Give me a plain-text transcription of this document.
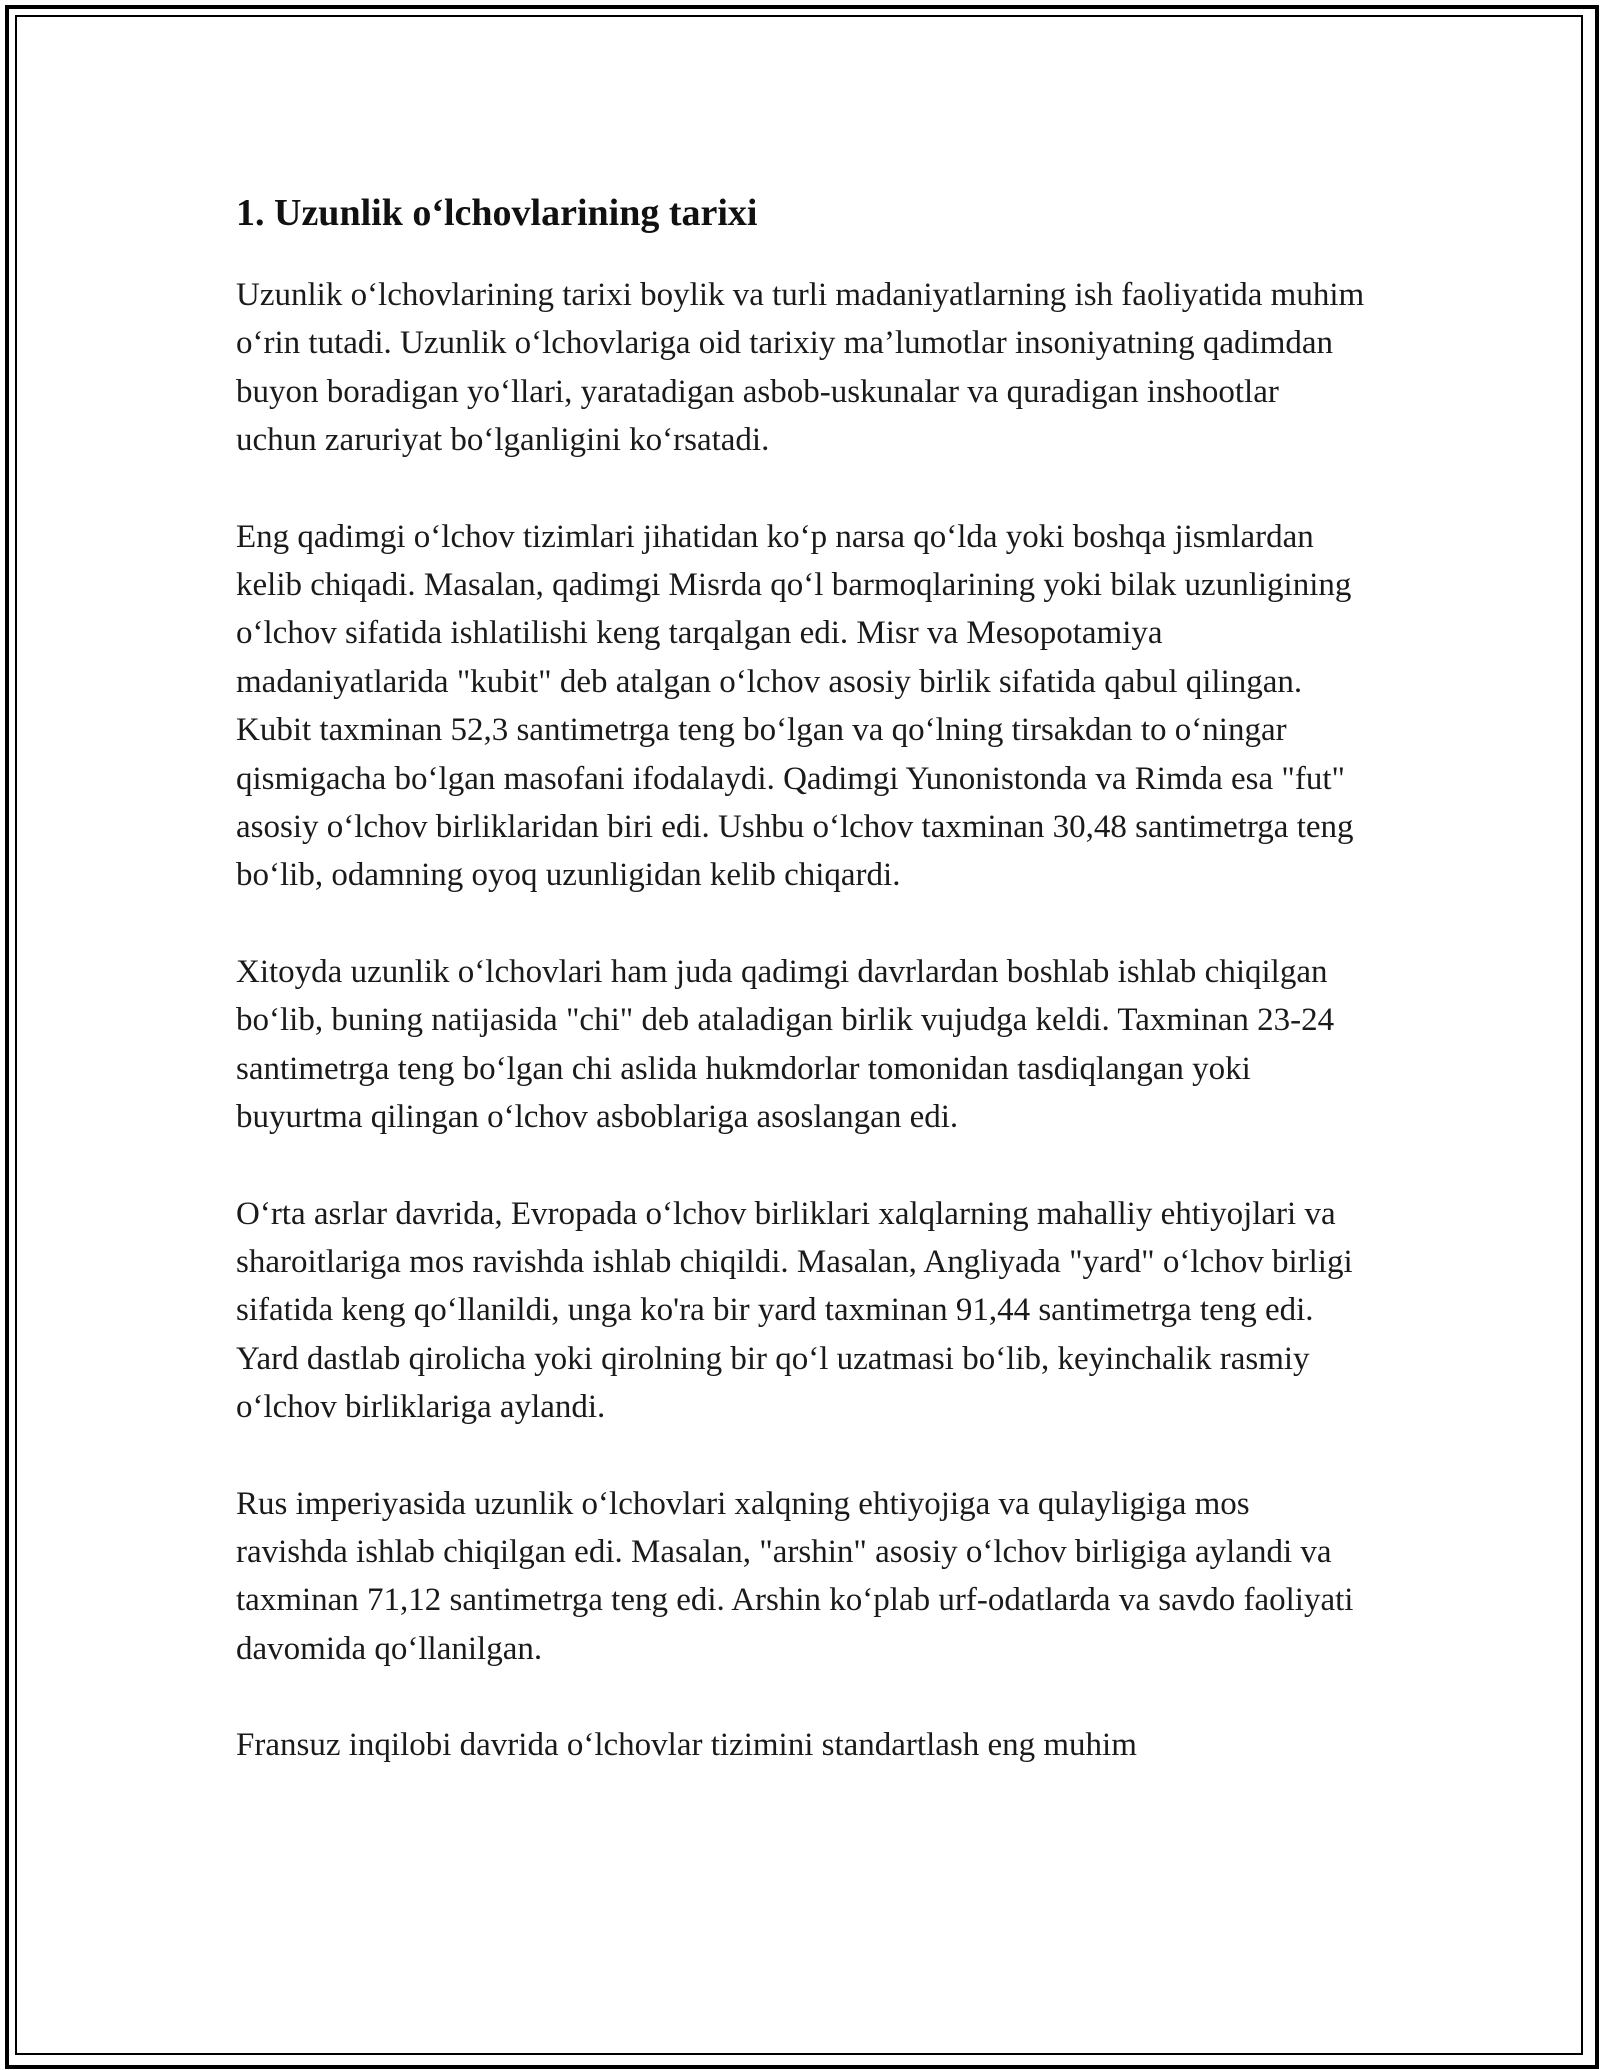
1. Uzunlik o‘lchovlarining tarixi

Uzunlik o‘lchovlarining tarixi boylik va turli madaniyatlarning ish faoliyatida muhim o‘rin tutadi. Uzunlik o‘lchovlariga oid tarixiy ma’lumotlar insoniyatning qadimdan buyon boradigan yo‘llari, yaratadigan asbob-uskunalar va quradigan inshootlar uchun zaruriyat bo‘lganligini ko‘rsatadi.

Eng qadimgi o‘lchov tizimlari jihatidan ko‘p narsa qo‘lda yoki boshqa jismlardan kelib chiqadi. Masalan, qadimgi Misrda qo‘l barmoqlarining yoki bilak uzunligining o‘lchov sifatida ishlatilishi keng tarqalgan edi. Misr va Mesopotamiya madaniyatlarida "kubit" deb atalgan o‘lchov asosiy birlik sifatida qabul qilingan. Kubit taxminan 52,3 santimetrga teng bo‘lgan va qo‘lning tirsakdan to o‘ningar qismigacha bo‘lgan masofani ifodalaydi. Qadimgi Yunonistonda va Rimda esa "fut" asosiy o‘lchov birliklaridan biri edi. Ushbu o‘lchov taxminan 30,48 santimetrga teng bo‘lib, odamning oyoq uzunligidan kelib chiqardi.

Xitoyda uzunlik o‘lchovlari ham juda qadimgi davrlardan boshlab ishlab chiqilgan bo‘lib, buning natijasida "chi" deb ataladigan birlik vujudga keldi. Taxminan 23-24 santimetrga teng bo‘lgan chi aslida hukmdorlar tomonidan tasdiqlangan yoki buyurtma qilingan o‘lchov asboblariga asoslangan edi.

O‘rta asrlar davrida, Evropada o‘lchov birliklari xalqlarning mahalliy ehtiyojlari va sharoitlariga mos ravishda ishlab chiqildi. Masalan, Angliyada "yard" o‘lchov birligi sifatida keng qo‘llanildi, unga ko'ra bir yard taxminan 91,44 santimetrga teng edi. Yard dastlab qirolicha yoki qirolning bir qo‘l uzatmasi bo‘lib, keyinchalik rasmiy o‘lchov birliklariga aylandi.

Rus imperiyasida uzunlik o‘lchovlari xalqning ehtiyojiga va qulayligiga mos ravishda ishlab chiqilgan edi. Masalan, "arshin" asosiy o‘lchov birligiga aylandi va taxminan 71,12 santimetrga teng edi. Arshin ko‘plab urf-odatlarda va savdo faoliyati davomida qo‘llanilgan.

Fransuz inqilobi davrida o‘lchovlar tizimini standartlash eng muhim
